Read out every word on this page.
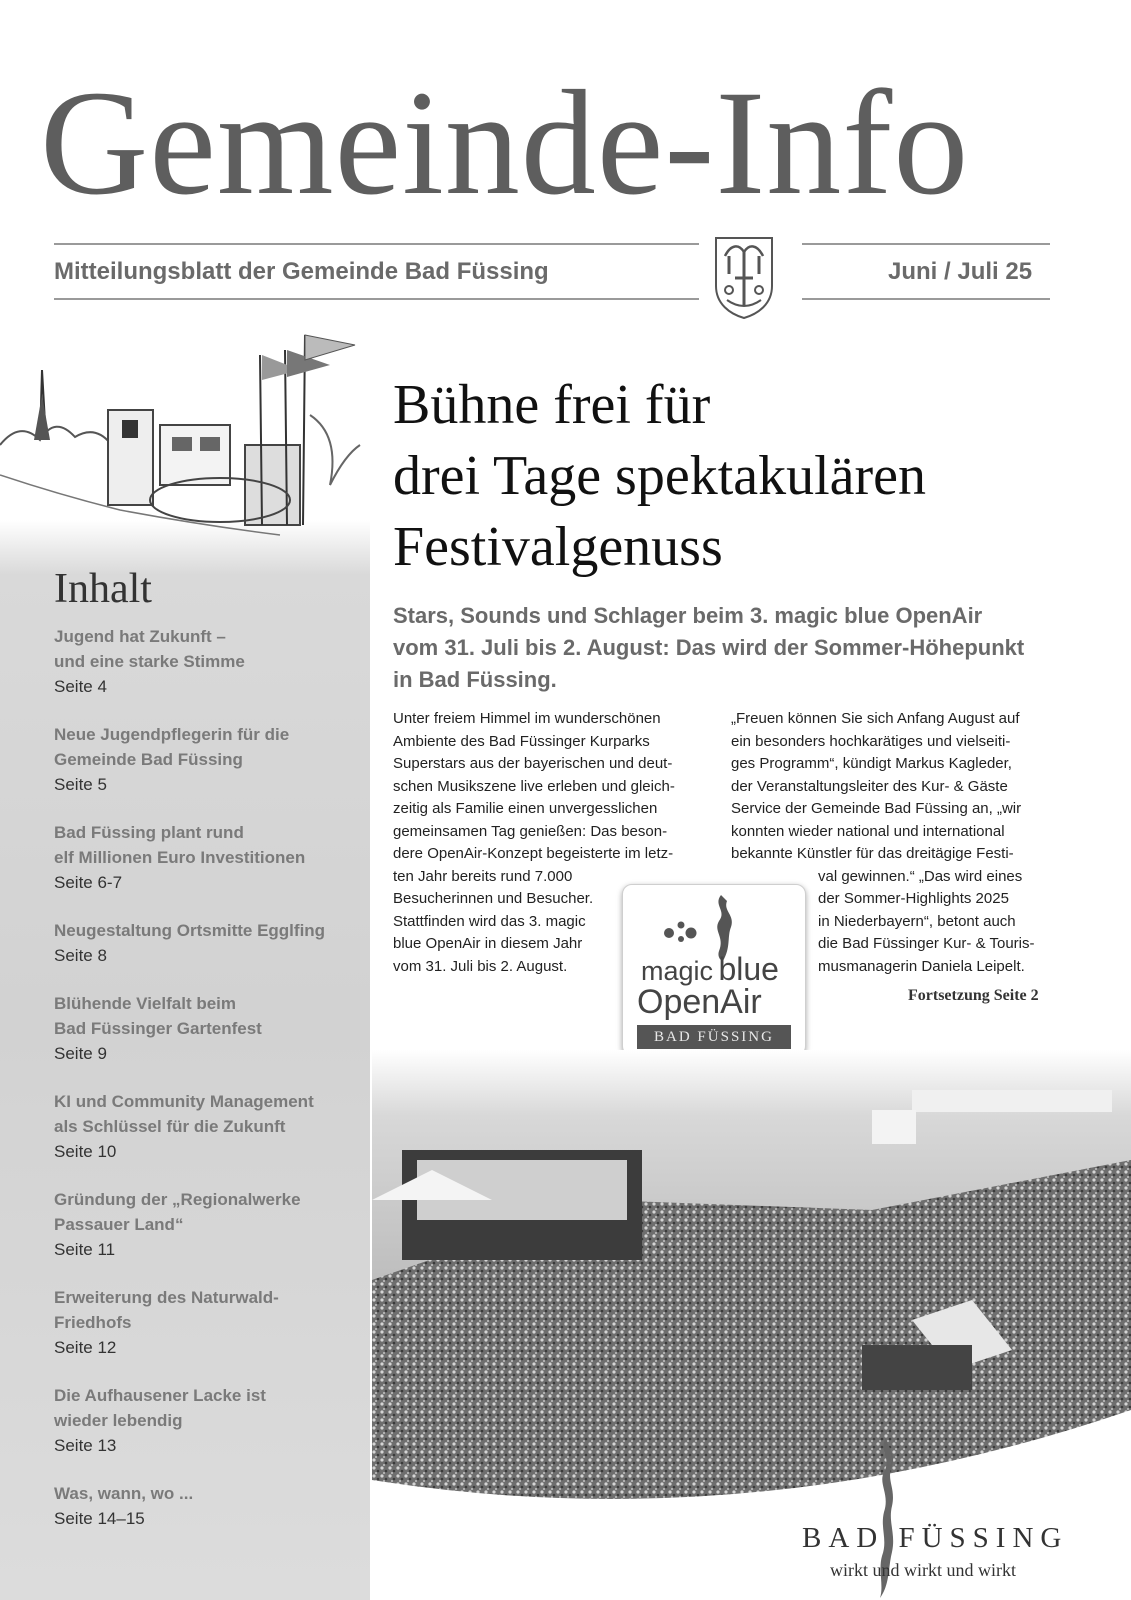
Gemeinde-Info
Mitteilungsblatt der Gemeinde Bad Füssing	Juni / Juli 25
Inhalt
Jugend hat Zukunft –
und eine starke Stimme
Seite 4
Neue Jugendpflegerin für die
Gemeinde Bad Füssing
Seite 5
Bad Füssing plant rund
elf Millionen Euro Investitionen
Seite 6-7
Neugestaltung Ortsmitte Egglfing
Seite 8
Blühende Vielfalt beim
Bad Füssinger Gartenfest
Seite 9
KI und Community Management
als Schlüssel für die Zukunft
Seite 10
Gründung der „Regionalwerke
Passauer Land“
Seite 11
Erweiterung des Naturwald-
Friedhofs
Seite 12
Die Aufhausener Lacke ist
wieder lebendig
Seite 13
Was, wann, wo ...
Seite 14–15
Bühne frei für
drei Tage spektakulären
Festivalgenuss
Stars, Sounds und Schlager beim 3. magic blue OpenAir
vom 31. Juli bis 2. August: Das wird der Sommer-Höhepunkt
in Bad Füssing.
Unter freiem Himmel im wunderschönen
Ambiente des Bad Füssinger Kurparks
Superstars aus der bayerischen und deut-
schen Musikszene live erleben und gleich-
zeitig als Familie einen unvergesslichen
gemeinsamen Tag genießen: Das beson-
dere OpenAir-Konzept begeisterte im letz-
ten Jahr bereits rund 7.000
Besucherinnen und Besucher.
Stattfinden wird das 3. magic
blue OpenAir in diesem Jahr
vom 31. Juli bis 2. August.
„Freuen können Sie sich Anfang August auf
ein besonders hochkarätiges und vielseiti-
ges Programm“, kündigt Markus Kagleder,
der Veranstaltungsleiter des Kur- & Gäste
Service der Gemeinde Bad Füssing an, „wir
konnten wieder national und international
bekannte Künstler für das dreitägige Festi-
val gewinnen.“ „Das wird eines
der Sommer-Highlights 2025
in Niederbayern“, betont auch
die Bad Füssinger Kur- & Touris-
musmanagerin Daniela Leipelt.
Fortsetzung Seite 2
magic  blue
OpenAir
BAD FÜSSING
BAD FÜSSING
wirkt und wirkt und wirkt
